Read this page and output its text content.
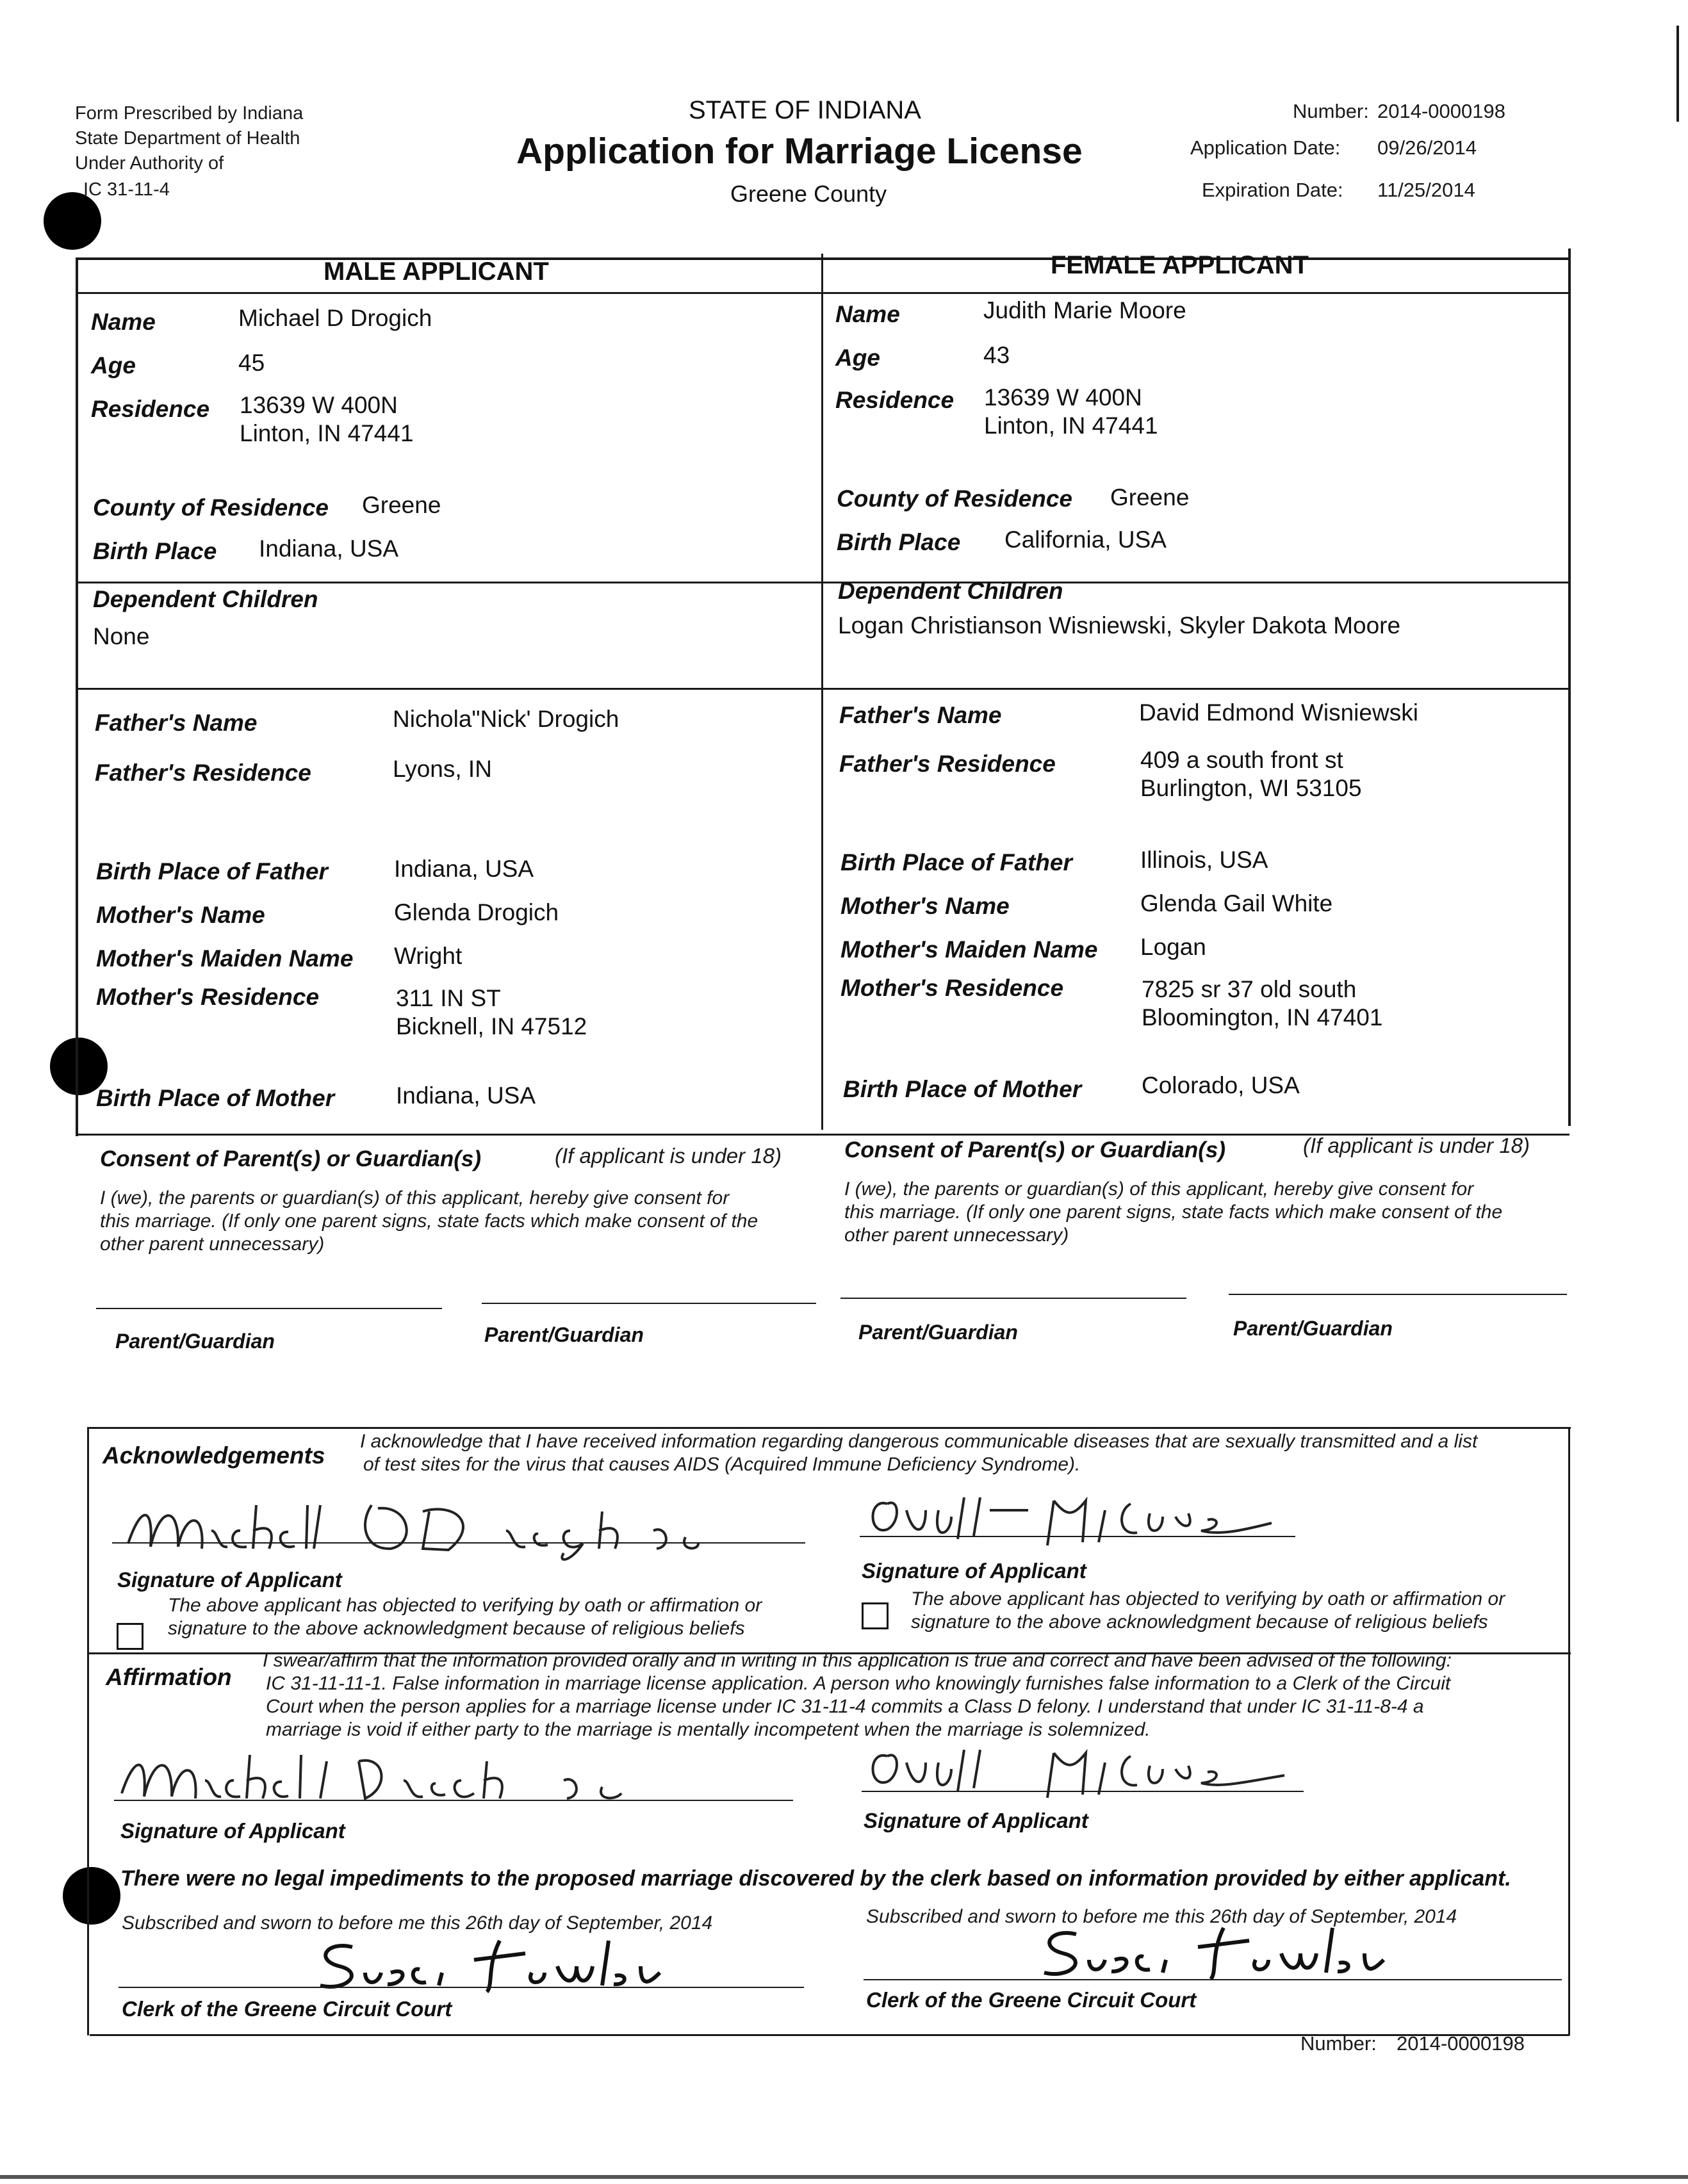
Form Prescribed by Indiana
State Department of Health
Under Authority of
IC 31-11-4
STATE OF INDIANA
Application for Marriage License
Greene County
Number: 2014-0000198
Application Date: 09/26/2014
Expiration Date: 11/25/2014
MALE APPLICANT
Name	Michael D Drogich
Age	45
Residence 13639 W 400N
Linton, IN 47441
County of Residence Greene
Birth Place Indiana, USA
Dependent Children
None
Father's Name	Nichola"Nick' Drogich
Father's Residence	Lyons, IN
Birth Place of Father	Indiana, USA
Mother's Name	Glenda Drogich
Mother's Maiden Name Wright
Mother's Residence	311 IN ST
Bicknell, IN 47512
Birth Place of Mother	Indiana, USA
FEMALE APPLICANT
Name	Judith Marie Moore
Age	43
Residence 13639 W 400N
Linton, IN 47441
County of Residence Greene
Birth Place California, USA
Dependent Children
Logan Christianson Wisniewski, Skyler Dakota Moore
Father's Name	David Edmond Wisniewski
Father's Residence	409 a south front st
Burlington, WI 53105
Birth Place of Father	Illinois, USA
Mother's Name	Glenda Gail White
Mother's Maiden Name Logan
Mother's Residence	7825 sr 37 old south
Bloomington, IN 47401
Birth Place of Mother	Colorado, USA
Consent of Parent(s) or Guardian(s)	(If applicant is under 18)
I (we), the parents or guardian(s) of this applicant, hereby give consent for
this marriage. (If only one parent signs, state facts which make consent of the
other parent unnecessary)
Parent/Guardian	Parent/Guardian
Consent of Parent(s) or Guardian(s)	(If applicant is under 18)
I (we), the parents or guardian(s) of this applicant, hereby give consent for
this marriage. (If only one parent signs, state facts which make consent of the
other parent unnecessary)
Parent/Guardian	Parent/Guardian
Acknowledgements
I acknowledge that I have received information regarding dangerous communicable diseases that are sexually transmitted and a list
of test sites for the virus that causes AIDS (Acquired Immune Deficiency Syndrome).
Signature of Applicant	Signature of Applicant
The above applicant has objected to verifying by oath or affirmation or
signature to the above acknowledgment because of religious beliefs
The above applicant has objected to verifying by oath or affirmation or
signature to the above acknowledgment because of religious beliefs
Affirmation
I swear/affirm that the information provided orally and in writing in this application is true and correct and have been advised of the following:
IC 31-11-11-1. False information in marriage license application. A person who knowingly furnishes false information to a Clerk of the Circuit
Court when the person applies for a marriage license under IC 31-11-4 commits a Class D felony. I understand that under IC 31-11-8-4 a
marriage is void if either party to the marriage is mentally incompetent when the marriage is solemnized.
Signature of Applicant	Signature of Applicant
There were no legal impediments to the proposed marriage discovered by the clerk based on information provided by either applicant.
Subscribed and sworn to before me this 26th day of September, 2014	Subscribed and sworn to before me this 26th day of September, 2014
Clerk of the Greene Circuit Court	Clerk of the Greene Circuit Court
Number: 2014-0000198
